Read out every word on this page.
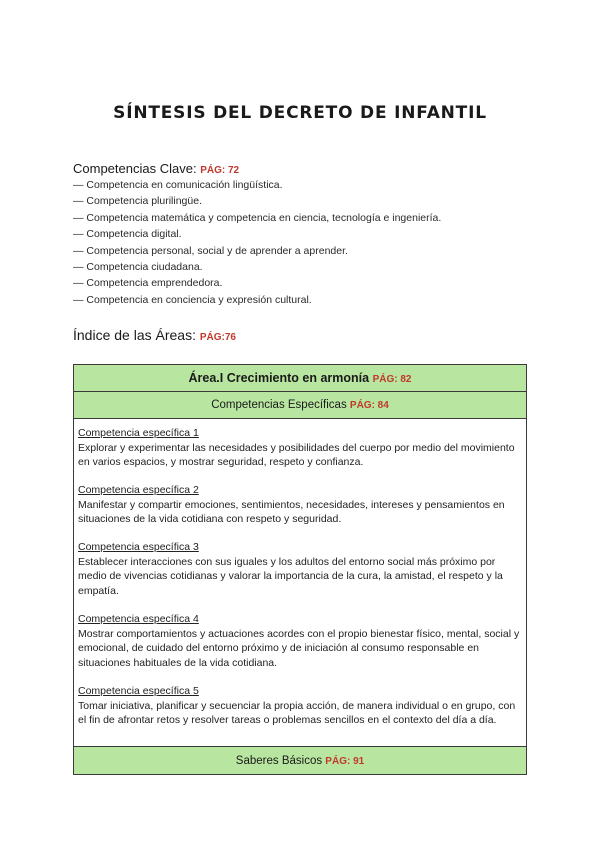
SÍNTESIS DEL DECRETO DE INFANTIL
Competencias Clave: PÁG: 72
— Competencia en comunicación lingüística.
— Competencia plurilingüe.
— Competencia matemática y competencia en ciencia, tecnología e ingeniería.
— Competencia digital.
— Competencia personal, social y de aprender a aprender.
— Competencia ciudadana.
— Competencia emprendedora.
— Competencia en conciencia y expresión cultural.
Índice de las Áreas: PÁG:76
Área.I Crecimiento en armonía PÁG: 82
Competencias Específicas PÁG: 84
Competencia específica 1
Explorar y experimentar las necesidades y posibilidades del cuerpo por medio del movimiento en varios espacios, y mostrar seguridad, respeto y confianza.
Competencia específica 2
Manifestar y compartir emociones, sentimientos, necesidades, intereses y pensamientos en situaciones de la vida cotidiana con respeto y seguridad.
Competencia específica 3
Establecer interacciones con sus iguales y los adultos del entorno social más próximo por medio de vivencias cotidianas y valorar la importancia de la cura, la amistad, el respeto y la empatía.
Competencia específica 4
Mostrar comportamientos y actuaciones acordes con el propio bienestar físico, mental, social y emocional, de cuidado del entorno próximo y de iniciación al consumo responsable en situaciones habituales de la vida cotidiana.
Competencia específica 5
Tomar iniciativa, planificar y secuenciar la propia acción, de manera individual o en grupo, con el fin de afrontar retos y resolver tareas o problemas sencillos en el contexto del día a día.
Saberes Básicos PÁG: 91
